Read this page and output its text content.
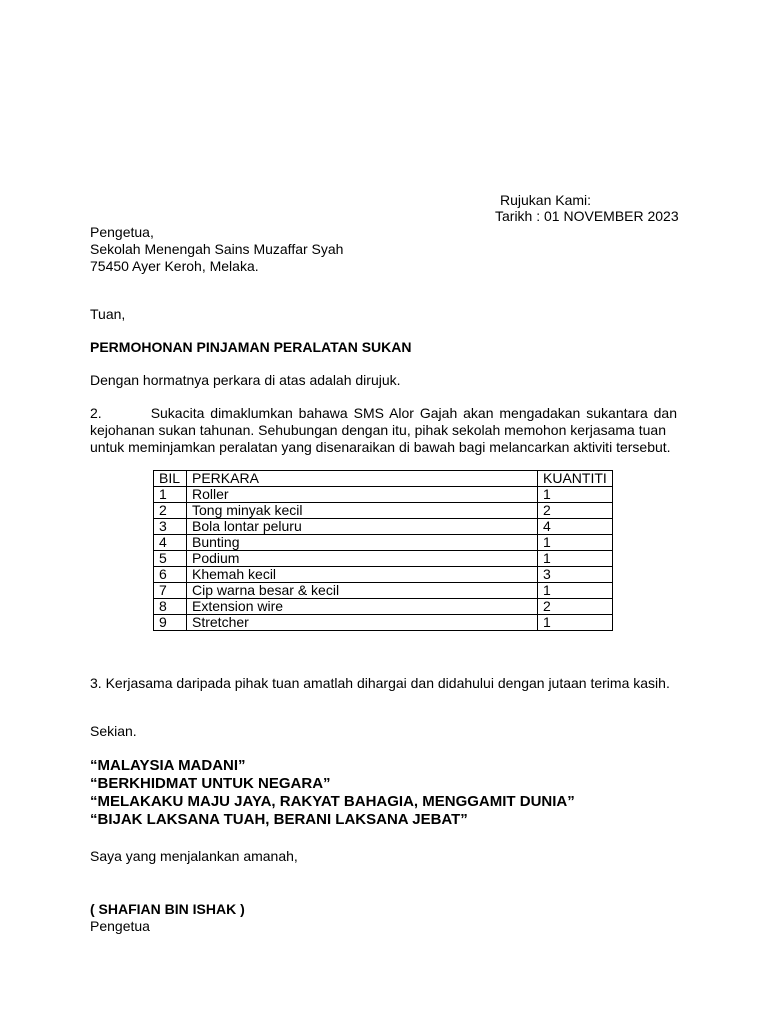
Rujukan Kami:
Tarikh : 01 NOVEMBER 2023
Pengetua,
Sekolah Menengah Sains Muzaffar Syah
75450 Ayer Keroh, Melaka.
Tuan,
PERMOHONAN PINJAMAN PERALATAN SUKAN
Dengan hormatnya perkara di atas adalah dirujuk.
2.	Sukacita dimaklumkan bahawa SMS Alor Gajah akan mengadakan sukantara dan kejohanan sukan tahunan. Sehubungan dengan itu, pihak sekolah memohon kerjasama tuan
untuk meminjamkan peralatan yang disenaraikan di bawah bagi melancarkan aktiviti tersebut.
BIL	PERKARA	KUANTITI
1	Roller	1
2	Tong minyak kecil	2
3	Bola lontar peluru	4
4	Bunting	1
5	Podium	1
6	Khemah kecil	3
7	Cip warna besar & kecil	1
8	Extension wire	2
9	Stretcher	1
3. Kerjasama daripada pihak tuan amatlah dihargai dan didahului dengan jutaan terima kasih.
Sekian.
“MALAYSIA MADANI”
“BERKHIDMAT UNTUK NEGARA”
“MELAKAKU MAJU JAYA, RAKYAT BAHAGIA, MENGGAMIT DUNIA”
“BIJAK LAKSANA TUAH, BERANI LAKSANA JEBAT”
Saya yang menjalankan amanah,
( SHAFIAN BIN ISHAK )
Pengetua
